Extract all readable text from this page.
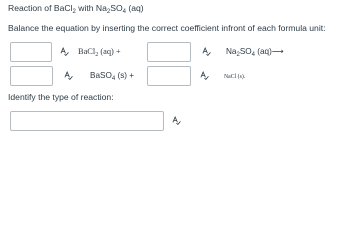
Reaction of BaCl$_2$ with $Na_2SO_4$ (aq)
Balance the equation by inserting the correct coefficient infront of each formula unit:
BaCl$_2$ (aq) +	$Na_2SO_4$ (aq)⟶
BaSO$_4$ (s) +	NaCl (s).
Identify the type of reaction:
